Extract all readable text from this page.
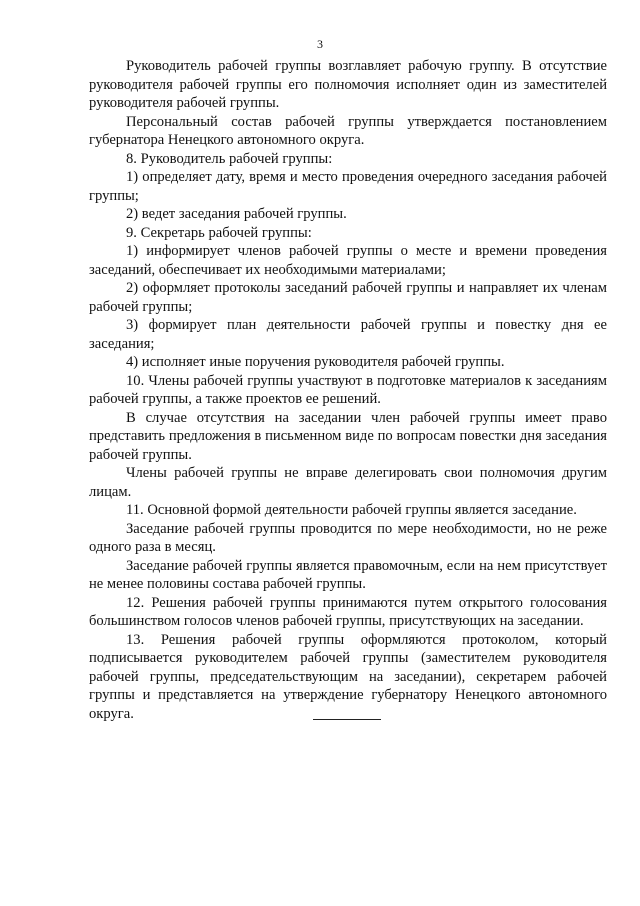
3

Руководитель рабочей группы возглавляет рабочую группу. В отсутствие руководителя рабочей группы его полномочия исполняет один из заместителей руководителя рабочей группы.

Персональный состав рабочей группы утверждается постановлением губернатора Ненецкого автономного округа.

8. Руководитель рабочей группы:

1) определяет дату, время и место проведения очередного заседания рабочей группы;

2) ведет заседания рабочей группы.

9. Секретарь рабочей группы:

1) информирует членов рабочей группы о месте и времени проведения заседаний, обеспечивает их необходимыми материалами;

2) оформляет протоколы заседаний рабочей группы и направляет их членам рабочей группы;

3) формирует план деятельности рабочей группы и повестку дня ее заседания;

4) исполняет иные поручения руководителя рабочей группы.

10. Члены рабочей группы участвуют в подготовке материалов к заседаниям рабочей группы, а также проектов ее решений.

В случае отсутствия на заседании член рабочей группы имеет право представить предложения в письменном виде по вопросам повестки дня заседания рабочей группы.

Члены рабочей группы не вправе делегировать свои полномочия другим лицам.

11. Основной формой деятельности рабочей группы является заседание.

Заседание рабочей группы проводится по мере необходимости, но не реже одного раза в месяц.

Заседание рабочей группы является правомочным, если на нем присутствует не менее половины состава рабочей группы.

12. Решения рабочей группы принимаются путем открытого голосования большинством голосов членов рабочей группы, присутствующих на заседании.

13. Решения рабочей группы оформляются протоколом, который подписывается руководителем рабочей группы (заместителем руководителя рабочей группы, председательствующим на заседании), секретарем рабочей группы и представляется на утверждение губернатору Ненецкого автономного округа.
